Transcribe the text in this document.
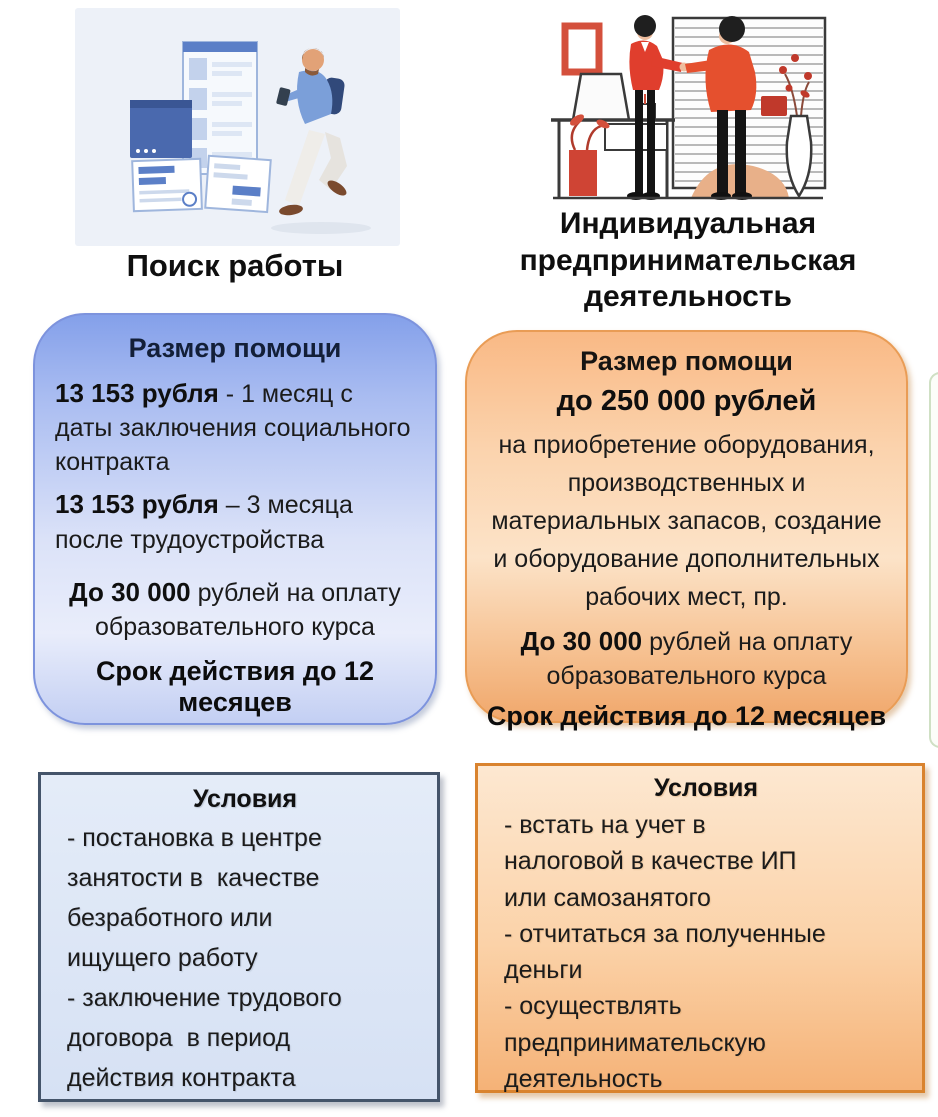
Поиск работы
Индивидуальная предпринимательская деятельность
Размер помощи

13 153 рубля - 1 месяц с даты заключения социального контракта

13 153 рубля – 3 месяца после трудоустройства

До 30 000 рублей на оплату образовательного курса

Срок действия до 12 месяцев
Размер помощи
до 250 000 рублей
на приобретение оборудования, производственных и материальных запасов, создание и оборудование дополнительных рабочих мест, пр.

До 30 000 рублей на оплату образовательного курса

Срок действия до 12 месяцев
Условия
- постановка в центре
занятости в  качестве
безработного или
ищущего работу
- заключение трудового
договора  в период
действия контракта
Условия
- встать на учет в
налоговой в качестве ИП
или самозанятого
- отчитаться за полученные
деньги
- осуществлять
предпринимательскую
деятельность
